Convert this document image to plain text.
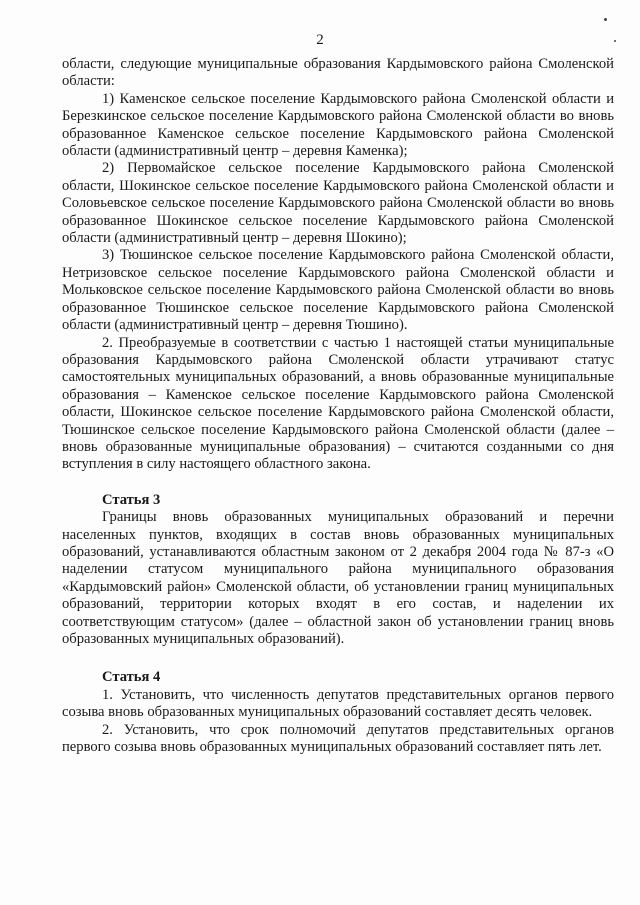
2

области, следующие муниципальные образования Кардымовского района Смоленской области:

1) Каменское сельское поселение Кардымовского района Смоленской области и Березкинское сельское поселение Кардымовского района Смоленской области во вновь образованное Каменское сельское поселение Кардымовского района Смоленской области (административный центр – деревня Каменка);

2) Первомайское сельское поселение Кардымовского района Смоленской области, Шокинское сельское поселение Кардымовского района Смоленской области и Соловьевское сельское поселение Кардымовского района Смоленской области во вновь образованное Шокинское сельское поселение Кардымовского района Смоленской области (административный центр – деревня Шокино);

3) Тюшинское сельское поселение Кардымовского района Смоленской области, Нетризовское сельское поселение Кардымовского района Смоленской области и Мольковское сельское поселение Кардымовского района Смоленской области во вновь образованное Тюшинское сельское поселение Кардымовского района Смоленской области (административный центр – деревня Тюшино).

2. Преобразуемые в соответствии с частью 1 настоящей статьи муниципальные образования Кардымовского района Смоленской области утрачивают статус самостоятельных муниципальных образований, а вновь образованные муниципальные образования – Каменское сельское поселение Кардымовского района Смоленской области, Шокинское сельское поселение Кардымовского района Смоленской области, Тюшинское сельское поселение Кардымовского района Смоленской области (далее – вновь образованные муниципальные образования) – считаются созданными со дня вступления в силу настоящего областного закона.

Статья 3

Границы вновь образованных муниципальных образований и перечни населенных пунктов, входящих в состав вновь образованных муниципальных образований, устанавливаются областным законом от 2 декабря 2004 года № 87-з «О наделении статусом муниципального района муниципального образования «Кардымовский район» Смоленской области, об установлении границ муниципальных образований, территории которых входят в его состав, и наделении их соответствующим статусом» (далее – областной закон об установлении границ вновь образованных муниципальных образований).

Статья 4

1. Установить, что численность депутатов представительных органов первого созыва вновь образованных муниципальных образований составляет десять человек.

2. Установить, что срок полномочий депутатов представительных органов первого созыва вновь образованных муниципальных образований составляет пять лет.
